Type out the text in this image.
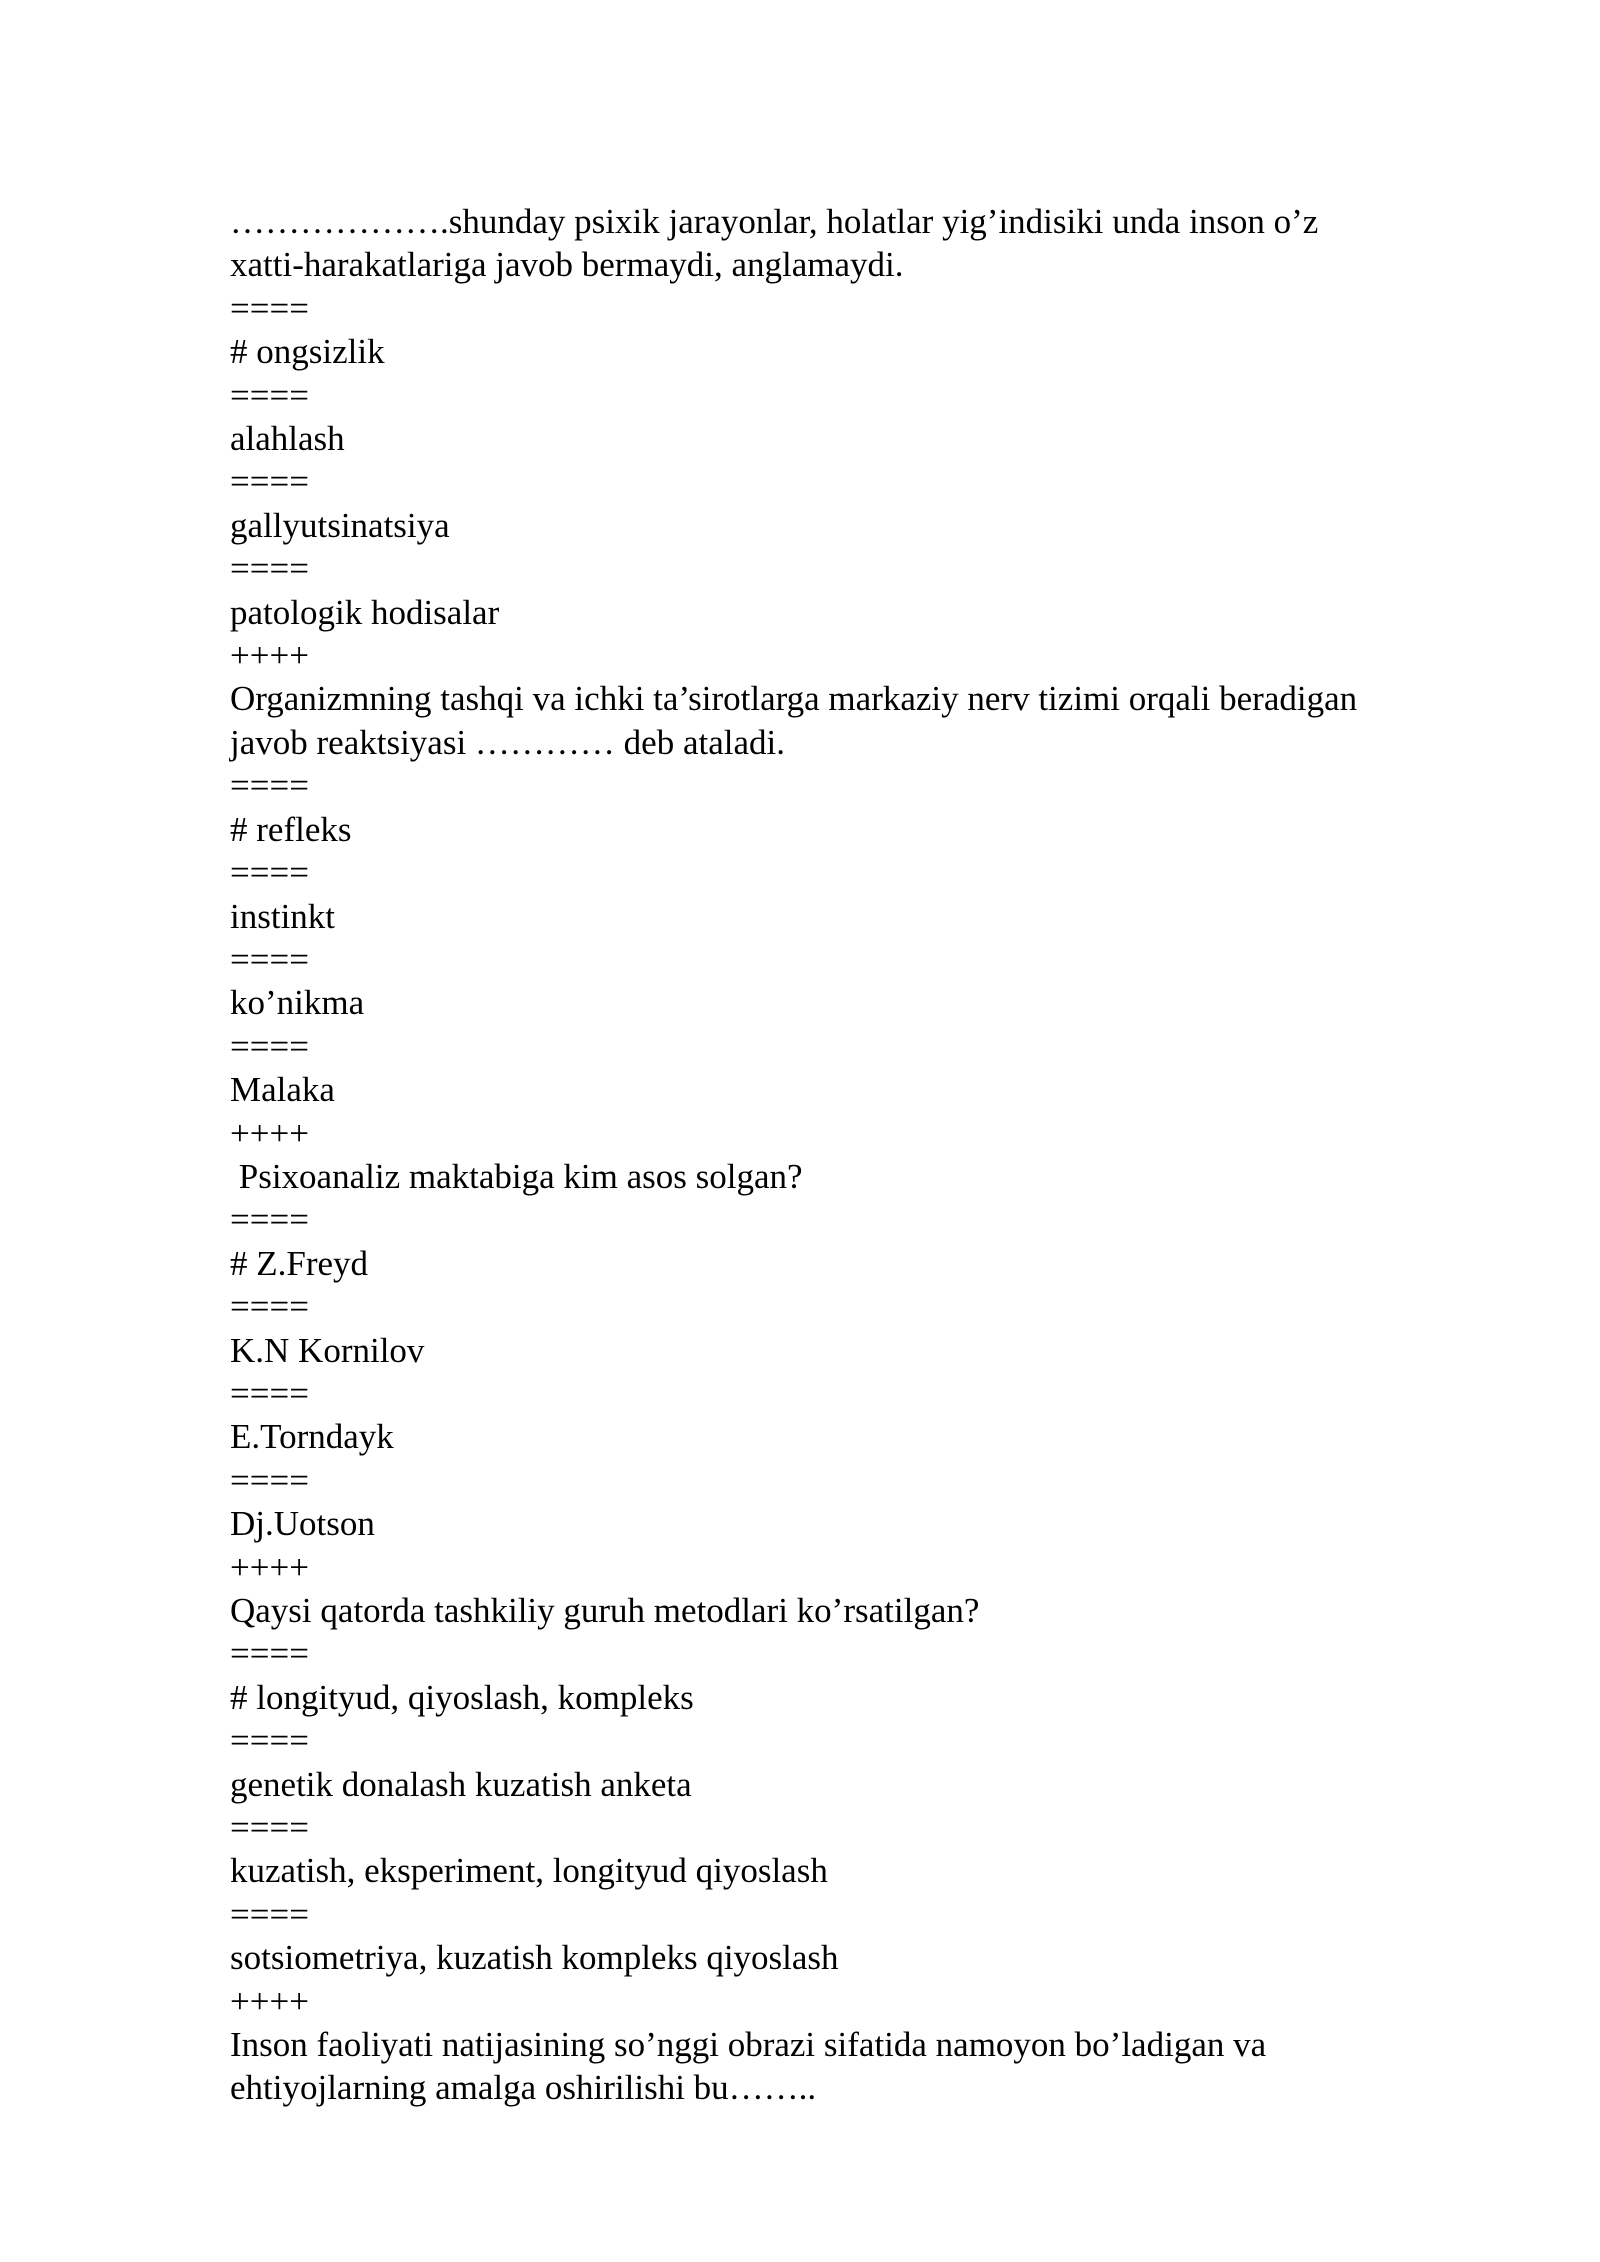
……………….shunday psixik jarayonlar, holatlar yig’indisiki unda inson o’z
xatti-harakatlariga javob bermaydi, anglamaydi.
====
# ongsizlik
====
alahlash
====
gallyutsinatsiya
====
patologik hodisalar
++++
Organizmning tashqi va ichki ta’sirotlarga markaziy nerv tizimi orqali beradigan
javob reaktsiyasi ………… deb ataladi.
====
# refleks
====
instinkt
====
ko’nikma
====
Malaka
++++
Psixoanaliz maktabiga kim asos solgan?
====
# Z.Freyd
====
K.N Kornilov
====
E.Torndayk
====
Dj.Uotson
++++
Qaysi qatorda tashkiliy guruh metodlari ko’rsatilgan?
====
# longityud, qiyoslash, kompleks
====
genetik donalash kuzatish anketa
====
kuzatish, eksperiment, longityud qiyoslash
====
sotsiometriya, kuzatish kompleks qiyoslash
++++
Inson faoliyati natijasining so’nggi obrazi sifatida namoyon bo’ladigan va
ehtiyojlarning amalga oshirilishi bu……..
